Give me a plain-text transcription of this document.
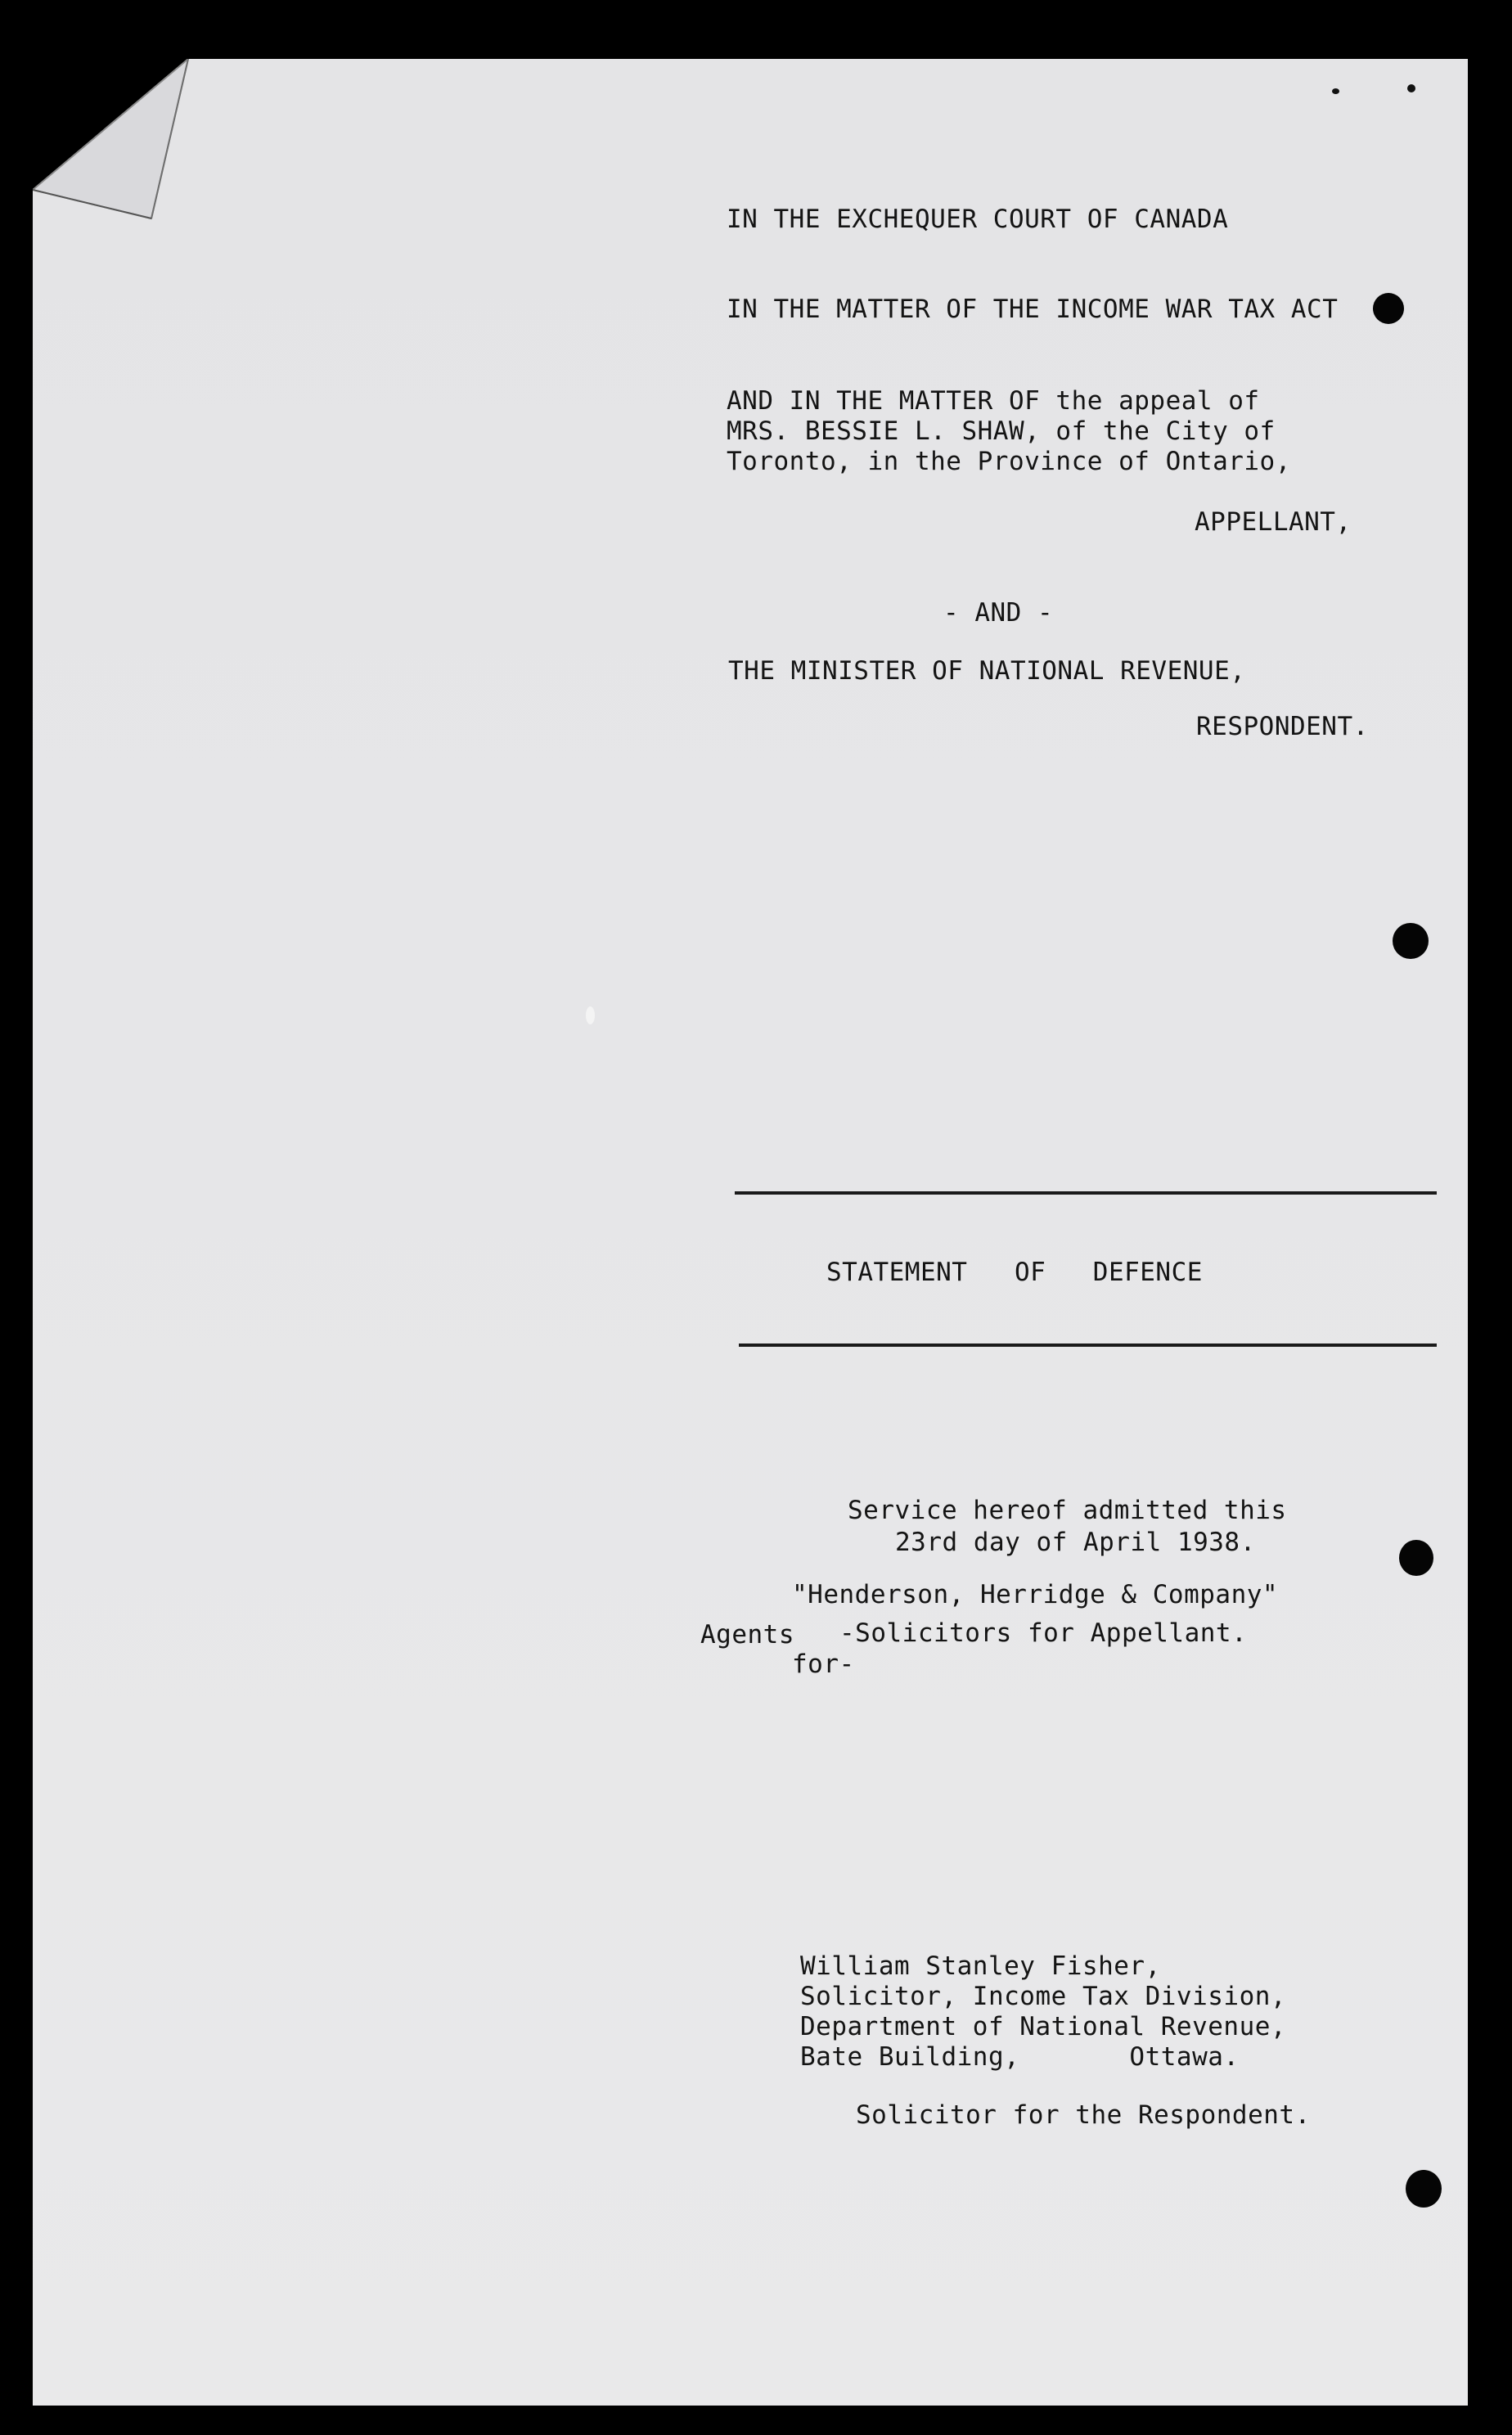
IN THE EXCHEQUER COURT OF CANADA
IN THE MATTER OF THE INCOME WAR TAX ACT
AND IN THE MATTER OF the appeal of
MRS. BESSIE L. SHAW, of the City of
Toronto, in the Province of Ontario,
APPELLANT,
- AND -
THE MINISTER OF NATIONAL REVENUE,
RESPONDENT.
STATEMENT   OF   DEFENCE
Service hereof admitted this
23rd day of April 1938.
"Henderson, Herridge & Company"
Agents -Solicitors for Appellant.
for-
William Stanley Fisher,
Solicitor, Income Tax Division,
Department of National Revenue,
Bate Building,       Ottawa.
Solicitor for the Respondent.
